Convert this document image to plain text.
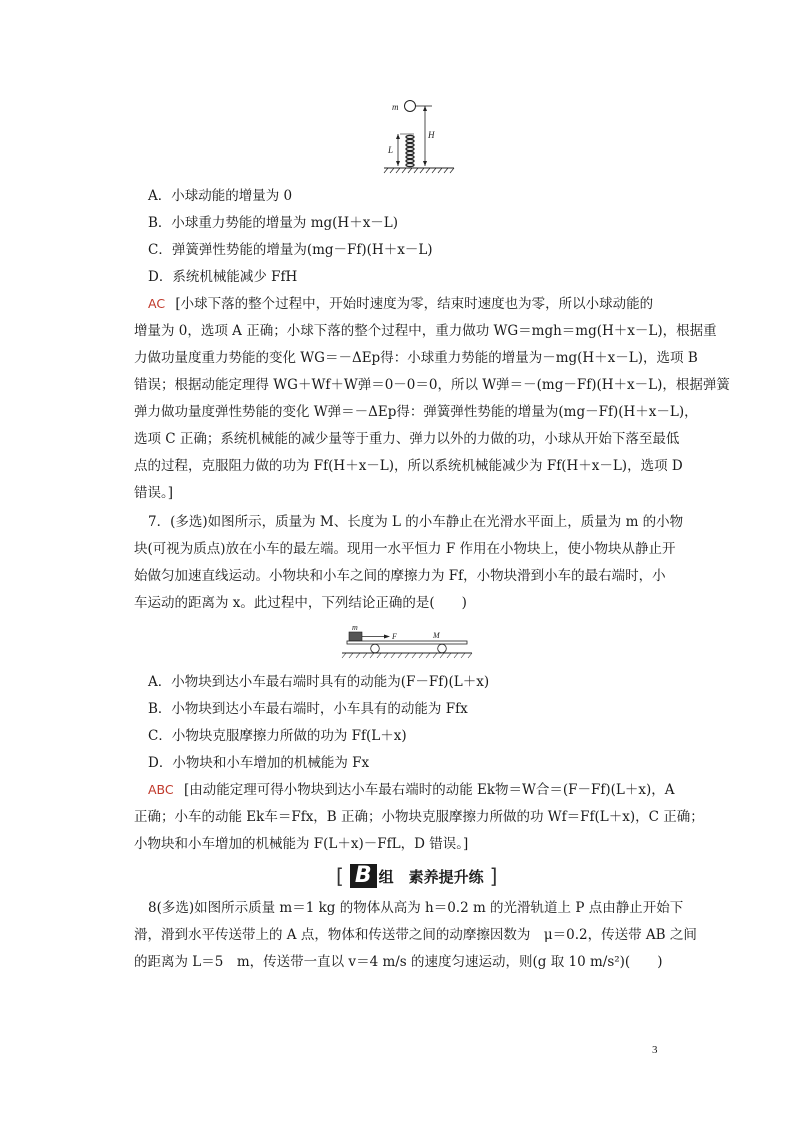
m
H
L
A．小球动能的增量为 0
B．小球重力势能的增量为 mg(H＋x－L)
C．弹簧弹性势能的增量为(mg－Ff)(H＋x－L)
D．系统机械能减少 FfH
AC [小球下落的整个过程中，开始时速度为零，结束时速度也为零，所以小球动能的
增量为 0，选项 A 正确；小球下落的整个过程中，重力做功 WG＝mgh＝mg(H＋x－L)，根据重
力做功量度重力势能的变化 WG＝－ΔEp得：小球重力势能的增量为－mg(H＋x－L)，选项 B
错误；根据动能定理得 WG＋Wf＋W弹＝0－0＝0，所以 W弹＝－(mg－Ff)(H＋x－L)，根据弹簧
弹力做功量度弹性势能的变化 W弹＝－ΔEp得：弹簧弹性势能的增量为(mg－Ff)(H＋x－L)，
选项 C 正确；系统机械能的减少量等于重力、弹力以外的力做的功，小球从开始下落至最低
点的过程，克服阻力做的功为 Ff(H＋x－L)，所以系统机械能减少为 Ff(H＋x－L)，选项 D
错误。]
7．(多选)如图所示，质量为 M、长度为 L 的小车静止在光滑水平面上，质量为 m 的小物
块(可视为质点)放在小车的最左端。现用一水平恒力 F 作用在小物块上，使小物块从静止开
始做匀加速直线运动。小物块和小车之间的摩擦力为 Ff，小物块滑到小车的最右端时，小
车运动的距离为 x。此过程中，下列结论正确的是(　　)
m
F	M
A．小物块到达小车最右端时具有的动能为(F－Ff)(L＋x)
B．小物块到达小车最右端时，小车具有的动能为 Ffx
C．小物块克服摩擦力所做的功为 Ff(L＋x)
D．小物块和小车增加的机械能为 Fx
ABC [由动能定理可得小物块到达小车最右端时的动能 Ek物＝W合＝(F－Ff)(L＋x)，A
正确；小车的动能 Ek车＝Ffx，B 正确；小物块克服摩擦力所做的功 Wf＝Ff(L＋x)，C 正确；
小物块和小车增加的机械能为 F(L＋x)－FfL，D 错误。]
[ B 组　素养提升练 ]
8(多选)如图所示质量 m＝1 kg 的物体从高为 h＝0.2 m 的光滑轨道上 P 点由静止开始下
滑，滑到水平传送带上的 A 点，物体和传送带之间的动摩擦因数为　μ＝0.2，传送带 AB 之间
的距离为 L＝5　m，传送带一直以 v＝4 m/s 的速度匀速运动，则(g 取 10 m/s²)(　　)
3
